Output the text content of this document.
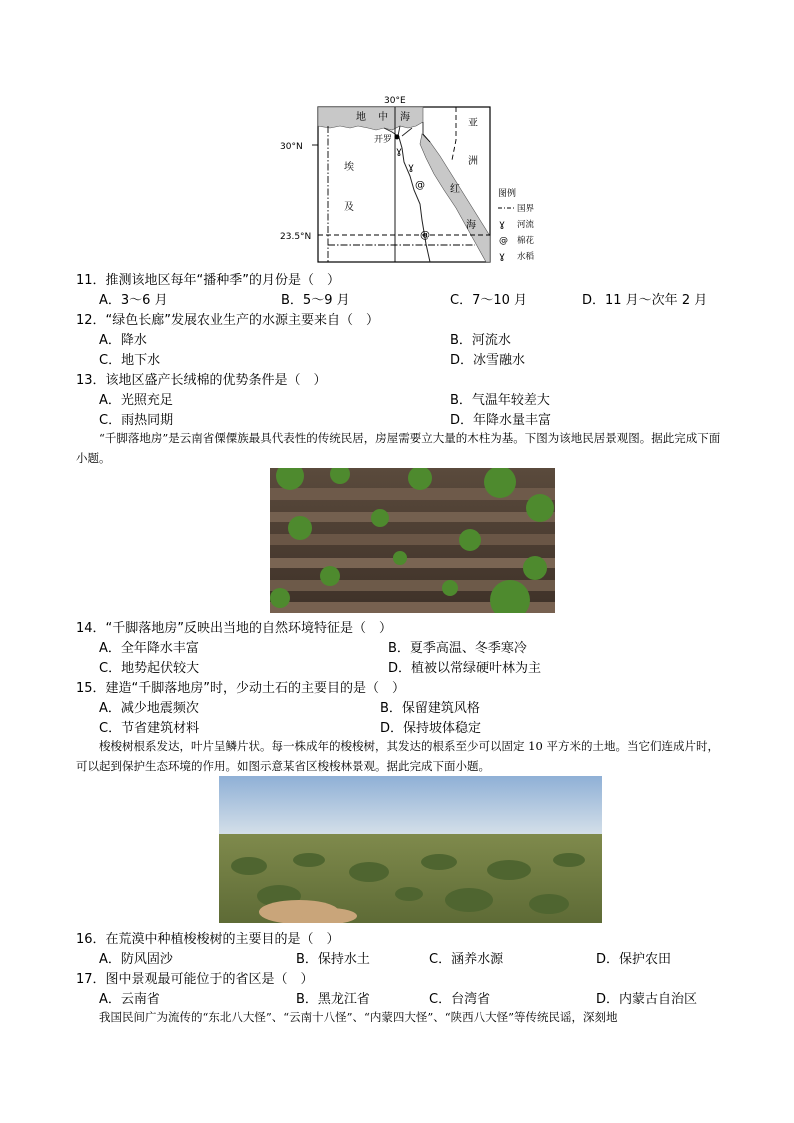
ɣ
ɣ
@
@
30°E
30°N
23.5°N
地 中 海
开罗
埃
及
亚
洲
红
海
图例
国界
ɣ 河流
@ 棉花
ɣ 水稻
11．推测该地区每年“播种季”的月份是（　）
A．3～6 月	B．5～9 月	C．7～10 月	D．11 月～次年 2 月
12．“绿色长廊”发展农业生产的水源主要来自（　）
A．降水	B．河流水
C．地下水	D．冰雪融水
13．该地区盛产长绒棉的优势条件是（　）
A．光照充足	B．气温年较差大
C．雨热同期	D．年降水量丰富
“千脚落地房”是云南省傈僳族最具代表性的传统民居，房屋需要立大量的木柱为基。下图为该地民居景观图。据此完成下面小题。
14．“千脚落地房”反映出当地的自然环境特征是（　）
A．全年降水丰富	B．夏季高温、冬季寒冷
C．地势起伏较大	D．植被以常绿硬叶林为主
15．建造“千脚落地房”时，少动土石的主要目的是（　）
A．减少地震频次	B．保留建筑风格
C．节省建筑材料	D．保持坡体稳定
梭梭树根系发达，叶片呈鳞片状。每一株成年的梭梭树，其发达的根系至少可以固定 10 平方米的土地。当它们连成片时，可以起到保护生态环境的作用。如图示意某省区梭梭林景观。据此完成下面小题。
16．在荒漠中种植梭梭树的主要目的是（　）
A．防风固沙	B．保持水土	C．涵养水源	D．保护农田
17．图中景观最可能位于的省区是（　）
A．云南省	B．黑龙江省	C．台湾省	D．内蒙古自治区
我国民间广为流传的“东北八大怪”、“云南十八怪”、“内蒙四大怪”、“陕西八大怪”等传统民谣，深刻地
